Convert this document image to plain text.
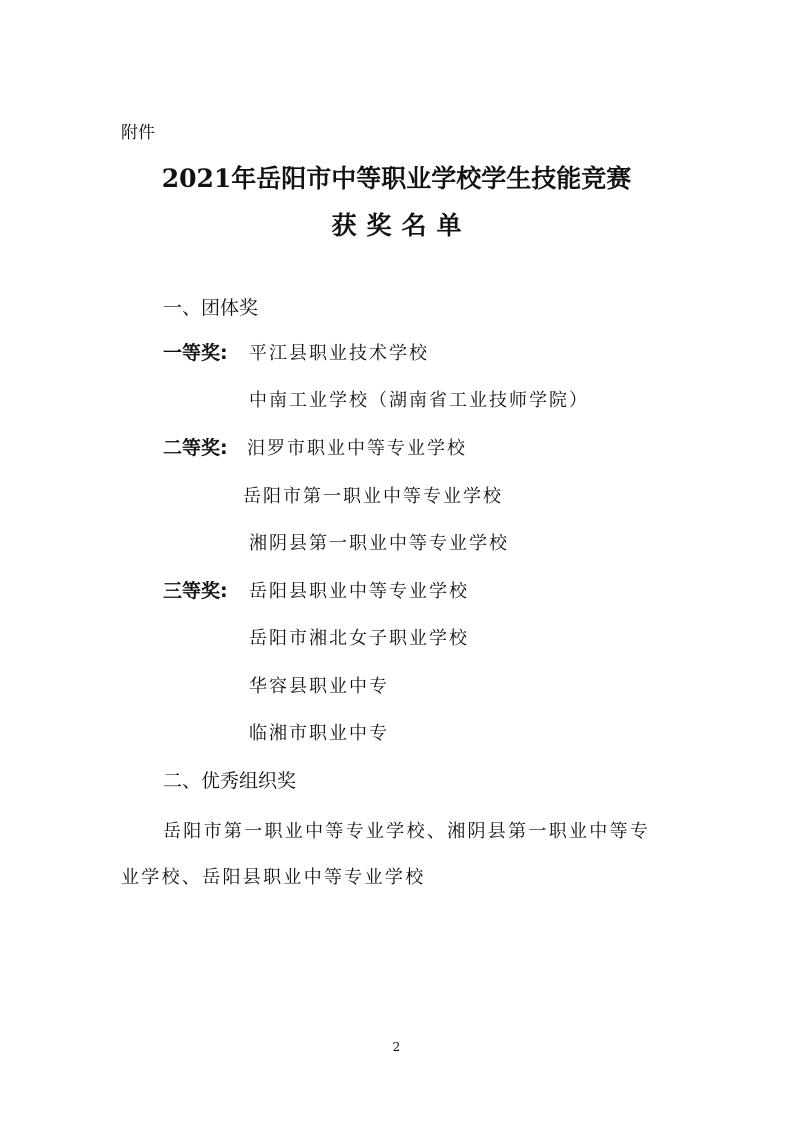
附件
2021年岳阳市中等职业学校学生技能竞赛
获奖名单
一、团体奖
一等奖: 平江县职业技术学校
中南工业学校（湖南省工业技师学院）
二等奖: 汨罗市职业中等专业学校
岳阳市第一职业中等专业学校
湘阴县第一职业中等专业学校
三等奖: 岳阳县职业中等专业学校
岳阳市湘北女子职业学校
华容县职业中专
临湘市职业中专
二、优秀组织奖
岳阳市第一职业中等专业学校、湘阴县第一职业中等专
业学校、岳阳县职业中等专业学校
2
